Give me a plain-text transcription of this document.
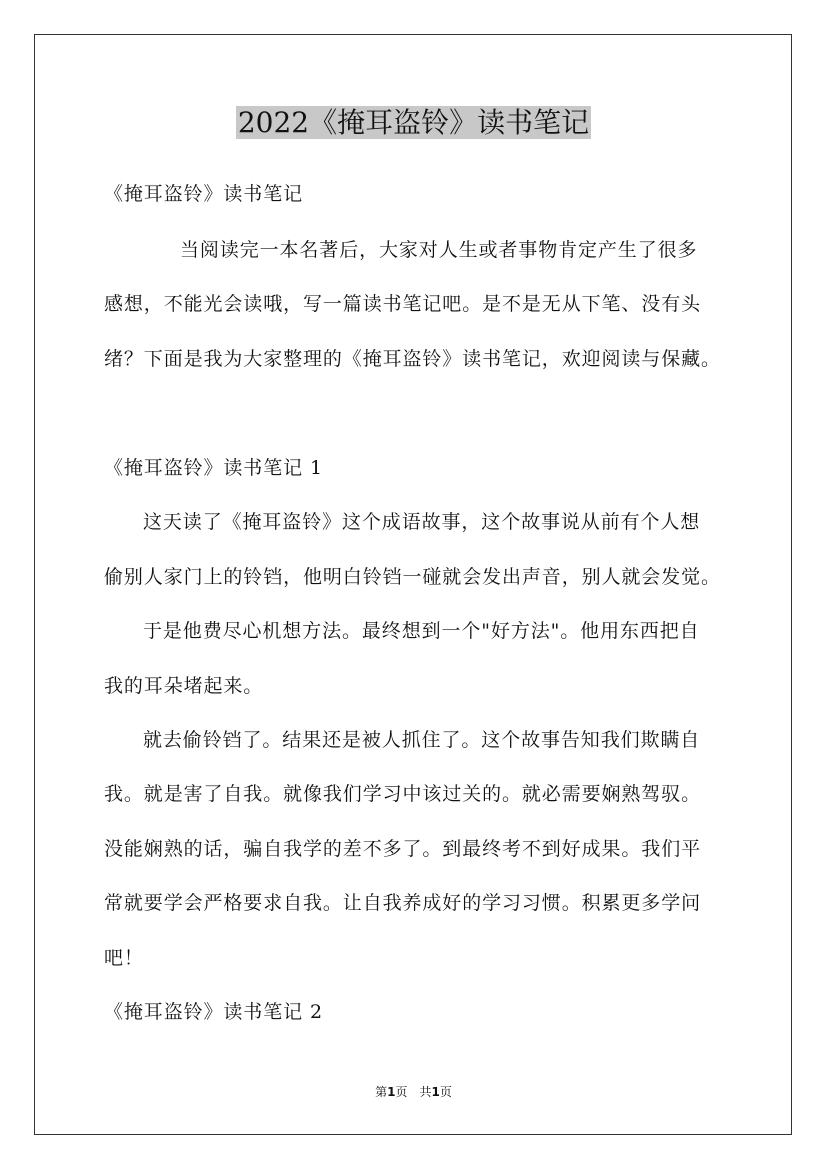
2022《掩耳盗铃》读书笔记

《掩耳盗铃》读书笔记

当阅读完一本名著后，大家对人生或者事物肯定产生了很多

感想，不能光会读哦，写一篇读书笔记吧。是不是无从下笔、没有头

绪？下面是我为大家整理的《掩耳盗铃》读书笔记，欢迎阅读与保藏。

《掩耳盗铃》读书笔记 1

这天读了《掩耳盗铃》这个成语故事，这个故事说从前有个人想

偷别人家门上的铃铛，他明白铃铛一碰就会发出声音，别人就会发觉。

于是他费尽心机想方法。最终想到一个"好方法"。他用东西把自

我的耳朵堵起来。

就去偷铃铛了。结果还是被人抓住了。这个故事告知我们欺瞒自

我。就是害了自我。就像我们学习中该过关的。就必需要娴熟驾驭。

没能娴熟的话，骗自我学的差不多了。到最终考不到好成果。我们平

常就要学会严格要求自我。让自我养成好的学习习惯。积累更多学问

吧！

《掩耳盗铃》读书笔记 2

第1页　共1页
